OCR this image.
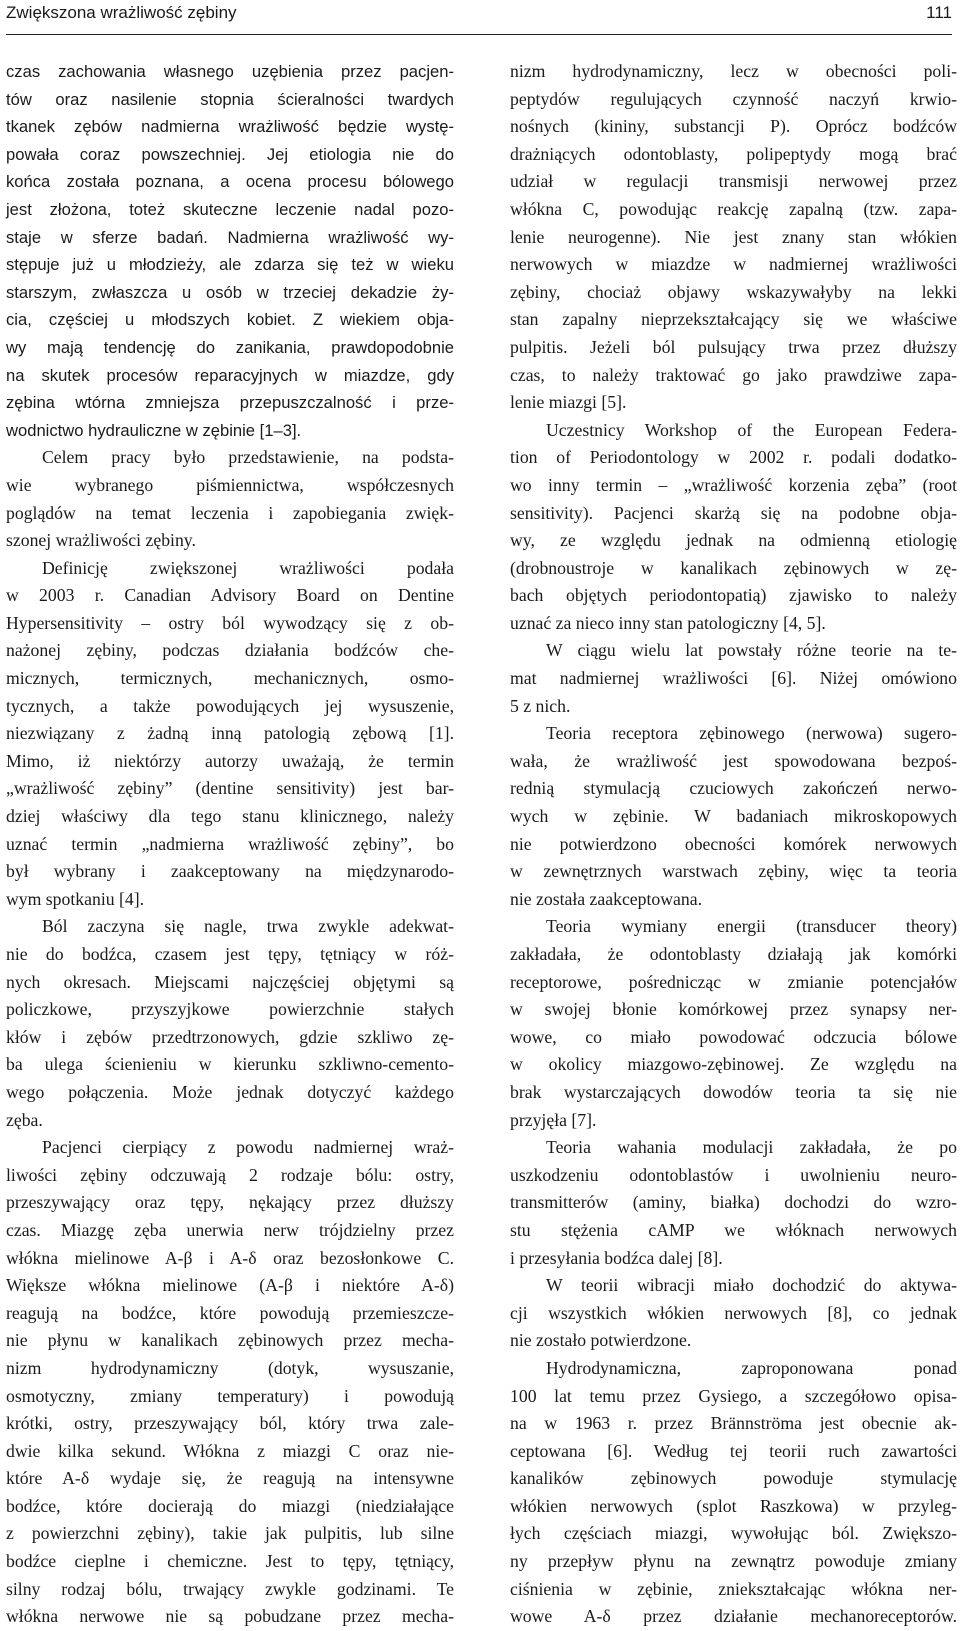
Zwiększona wrażliwość zębiny	111
czas zachowania własnego uzębienia przez pacjen-
tów oraz nasilenie stopnia ścieralności twardych
tkanek zębów nadmierna wrażliwość będzie wystę-
powała coraz powszechniej. Jej etiologia nie do
końca została poznana, a ocena procesu bólowego
jest złożona, toteż skuteczne leczenie nadal pozo-
staje w sferze badań. Nadmierna wrażliwość wy-
stępuje już u młodzieży, ale zdarza się też w wieku
starszym, zwłaszcza u osób w trzeciej dekadzie ży-
cia, częściej u młodszych kobiet. Z wiekiem obja-
wy mają tendencję do zanikania, prawdopodobnie
na skutek procesów reparacyjnych w miazdze, gdy
zębina wtórna zmniejsza przepuszczalność i prze-
wodnictwo hydrauliczne w zębinie [1–3].
Celem pracy było przedstawienie, na podsta-
wie wybranego piśmiennictwa, współczesnych
poglądów na temat leczenia i zapobiegania zwięk-
szonej wrażliwości zębiny.
Definicję zwiększonej wrażliwości podała
w 2003 r. Canadian Advisory Board on Dentine
Hypersensitivity – ostry ból wywodzący się z ob-
nażonej zębiny, podczas działania bodźców che-
micznych, termicznych, mechanicznych, osmo-
tycznych, a także powodujących jej wysuszenie,
niezwiązany z żadną inną patologią zębową [1].
Mimo, iż niektórzy autorzy uważają, że termin
„wrażliwość zębiny” (dentine sensitivity) jest bar-
dziej właściwy dla tego stanu klinicznego, należy
uznać termin „nadmierna wrażliwość zębiny”, bo
był wybrany i zaakceptowany na międzynarodo-
wym spotkaniu [4].
Ból zaczyna się nagle, trwa zwykle adekwat-
nie do bodźca, czasem jest tępy, tętniący w róż-
nych okresach. Miejscami najczęściej objętymi są
policzkowe, przyszyjkowe powierzchnie stałych
kłów i zębów przedtrzonowych, gdzie szkliwo zę-
ba ulega ścienieniu w kierunku szkliwno-cemento-
wego połączenia. Może jednak dotyczyć każdego
zęba.
Pacjenci cierpiący z powodu nadmiernej wraż-
liwości zębiny odczuwają 2 rodzaje bólu: ostry,
przeszywający oraz tępy, nękający przez dłuższy
czas. Miazgę zęba unerwia nerw trójdzielny przez
włókna mielinowe A-β i A-δ oraz bezosłonkowe C.
Większe włókna mielinowe (A-β i niektóre A-δ)
reagują na bodźce, które powodują przemieszcze-
nie płynu w kanalikach zębinowych przez mecha-
nizm hydrodynamiczny (dotyk, wysuszanie,
osmotyczny, zmiany temperatury) i powodują
krótki, ostry, przeszywający ból, który trwa zale-
dwie kilka sekund. Włókna z miazgi C oraz nie-
które A-δ wydaje się, że reagują na intensywne
bodźce, które docierają do miazgi (niedziałające
z powierzchni zębiny), takie jak pulpitis, lub silne
bodźce cieplne i chemiczne. Jest to tępy, tętniący,
silny rodzaj bólu, trwający zwykle godzinami. Te
włókna nerwowe nie są pobudzane przez mecha-
nizm hydrodynamiczny, lecz w obecności poli-
peptydów regulujących czynność naczyń krwio-
nośnych (kininy, substancji P). Oprócz bodźców
drażniących odontoblasty, polipeptydy mogą brać
udział w regulacji transmisji nerwowej przez
włókna C, powodując reakcję zapalną (tzw. zapa-
lenie neurogenne). Nie jest znany stan włókien
nerwowych w miazdze w nadmiernej wrażliwości
zębiny, chociaż objawy wskazywałyby na lekki
stan zapalny nieprzekształcający się we właściwe
pulpitis. Jeżeli ból pulsujący trwa przez dłuższy
czas, to należy traktować go jako prawdziwe zapa-
lenie miazgi [5].
Uczestnicy Workshop of the European Federa-
tion of Periodontology w 2002 r. podali dodatko-
wo inny termin – „wrażliwość korzenia zęba” (root
sensitivity). Pacjenci skarżą się na podobne obja-
wy, ze względu jednak na odmienną etiologię
(drobnoustroje w kanalikach zębinowych w zę-
bach objętych periodontopatią) zjawisko to należy
uznać za nieco inny stan patologiczny [4, 5].
W ciągu wielu lat powstały różne teorie na te-
mat nadmiernej wrażliwości [6]. Niżej omówiono
5 z nich.
Teoria receptora zębinowego (nerwowa) sugero-
wała, że wrażliwość jest spowodowana bezpoś-
rednią stymulacją czuciowych zakończeń nerwo-
wych w zębinie. W badaniach mikroskopowych
nie potwierdzono obecności komórek nerwowych
w zewnętrznych warstwach zębiny, więc ta teoria
nie została zaakceptowana.
Teoria wymiany energii (transducer theory)
zakładała, że odontoblasty działają jak komórki
receptorowe, pośrednicząc w zmianie potencjałów
w swojej błonie komórkowej przez synapsy ner-
wowe, co miało powodować odczucia bólowe
w okolicy miazgowo-zębinowej. Ze względu na
brak wystarczających dowodów teoria ta się nie
przyjęła [7].
Teoria wahania modulacji zakładała, że po
uszkodzeniu odontoblastów i uwolnieniu neuro-
transmitterów (aminy, białka) dochodzi do wzro-
stu stężenia cAMP we włóknach nerwowych
i przesyłania bodźca dalej [8].
W teorii wibracji miało dochodzić do aktywa-
cji wszystkich włókien nerwowych [8], co jednak
nie zostało potwierdzone.
Hydrodynamiczna, zaproponowana ponad
100 lat temu przez Gysiego, a szczegółowo opisa-
na w 1963 r. przez Brännströma jest obecnie ak-
ceptowana [6]. Według tej teorii ruch zawartości
kanalików zębinowych powoduje stymulację
włókien nerwowych (splot Raszkowa) w przyleg-
łych częściach miazgi, wywołując ból. Zwiększo-
ny przepływ płynu na zewnątrz powoduje zmiany
ciśnienia w zębinie, zniekształcając włókna ner-
wowe A-δ przez działanie mechanoreceptorów.
